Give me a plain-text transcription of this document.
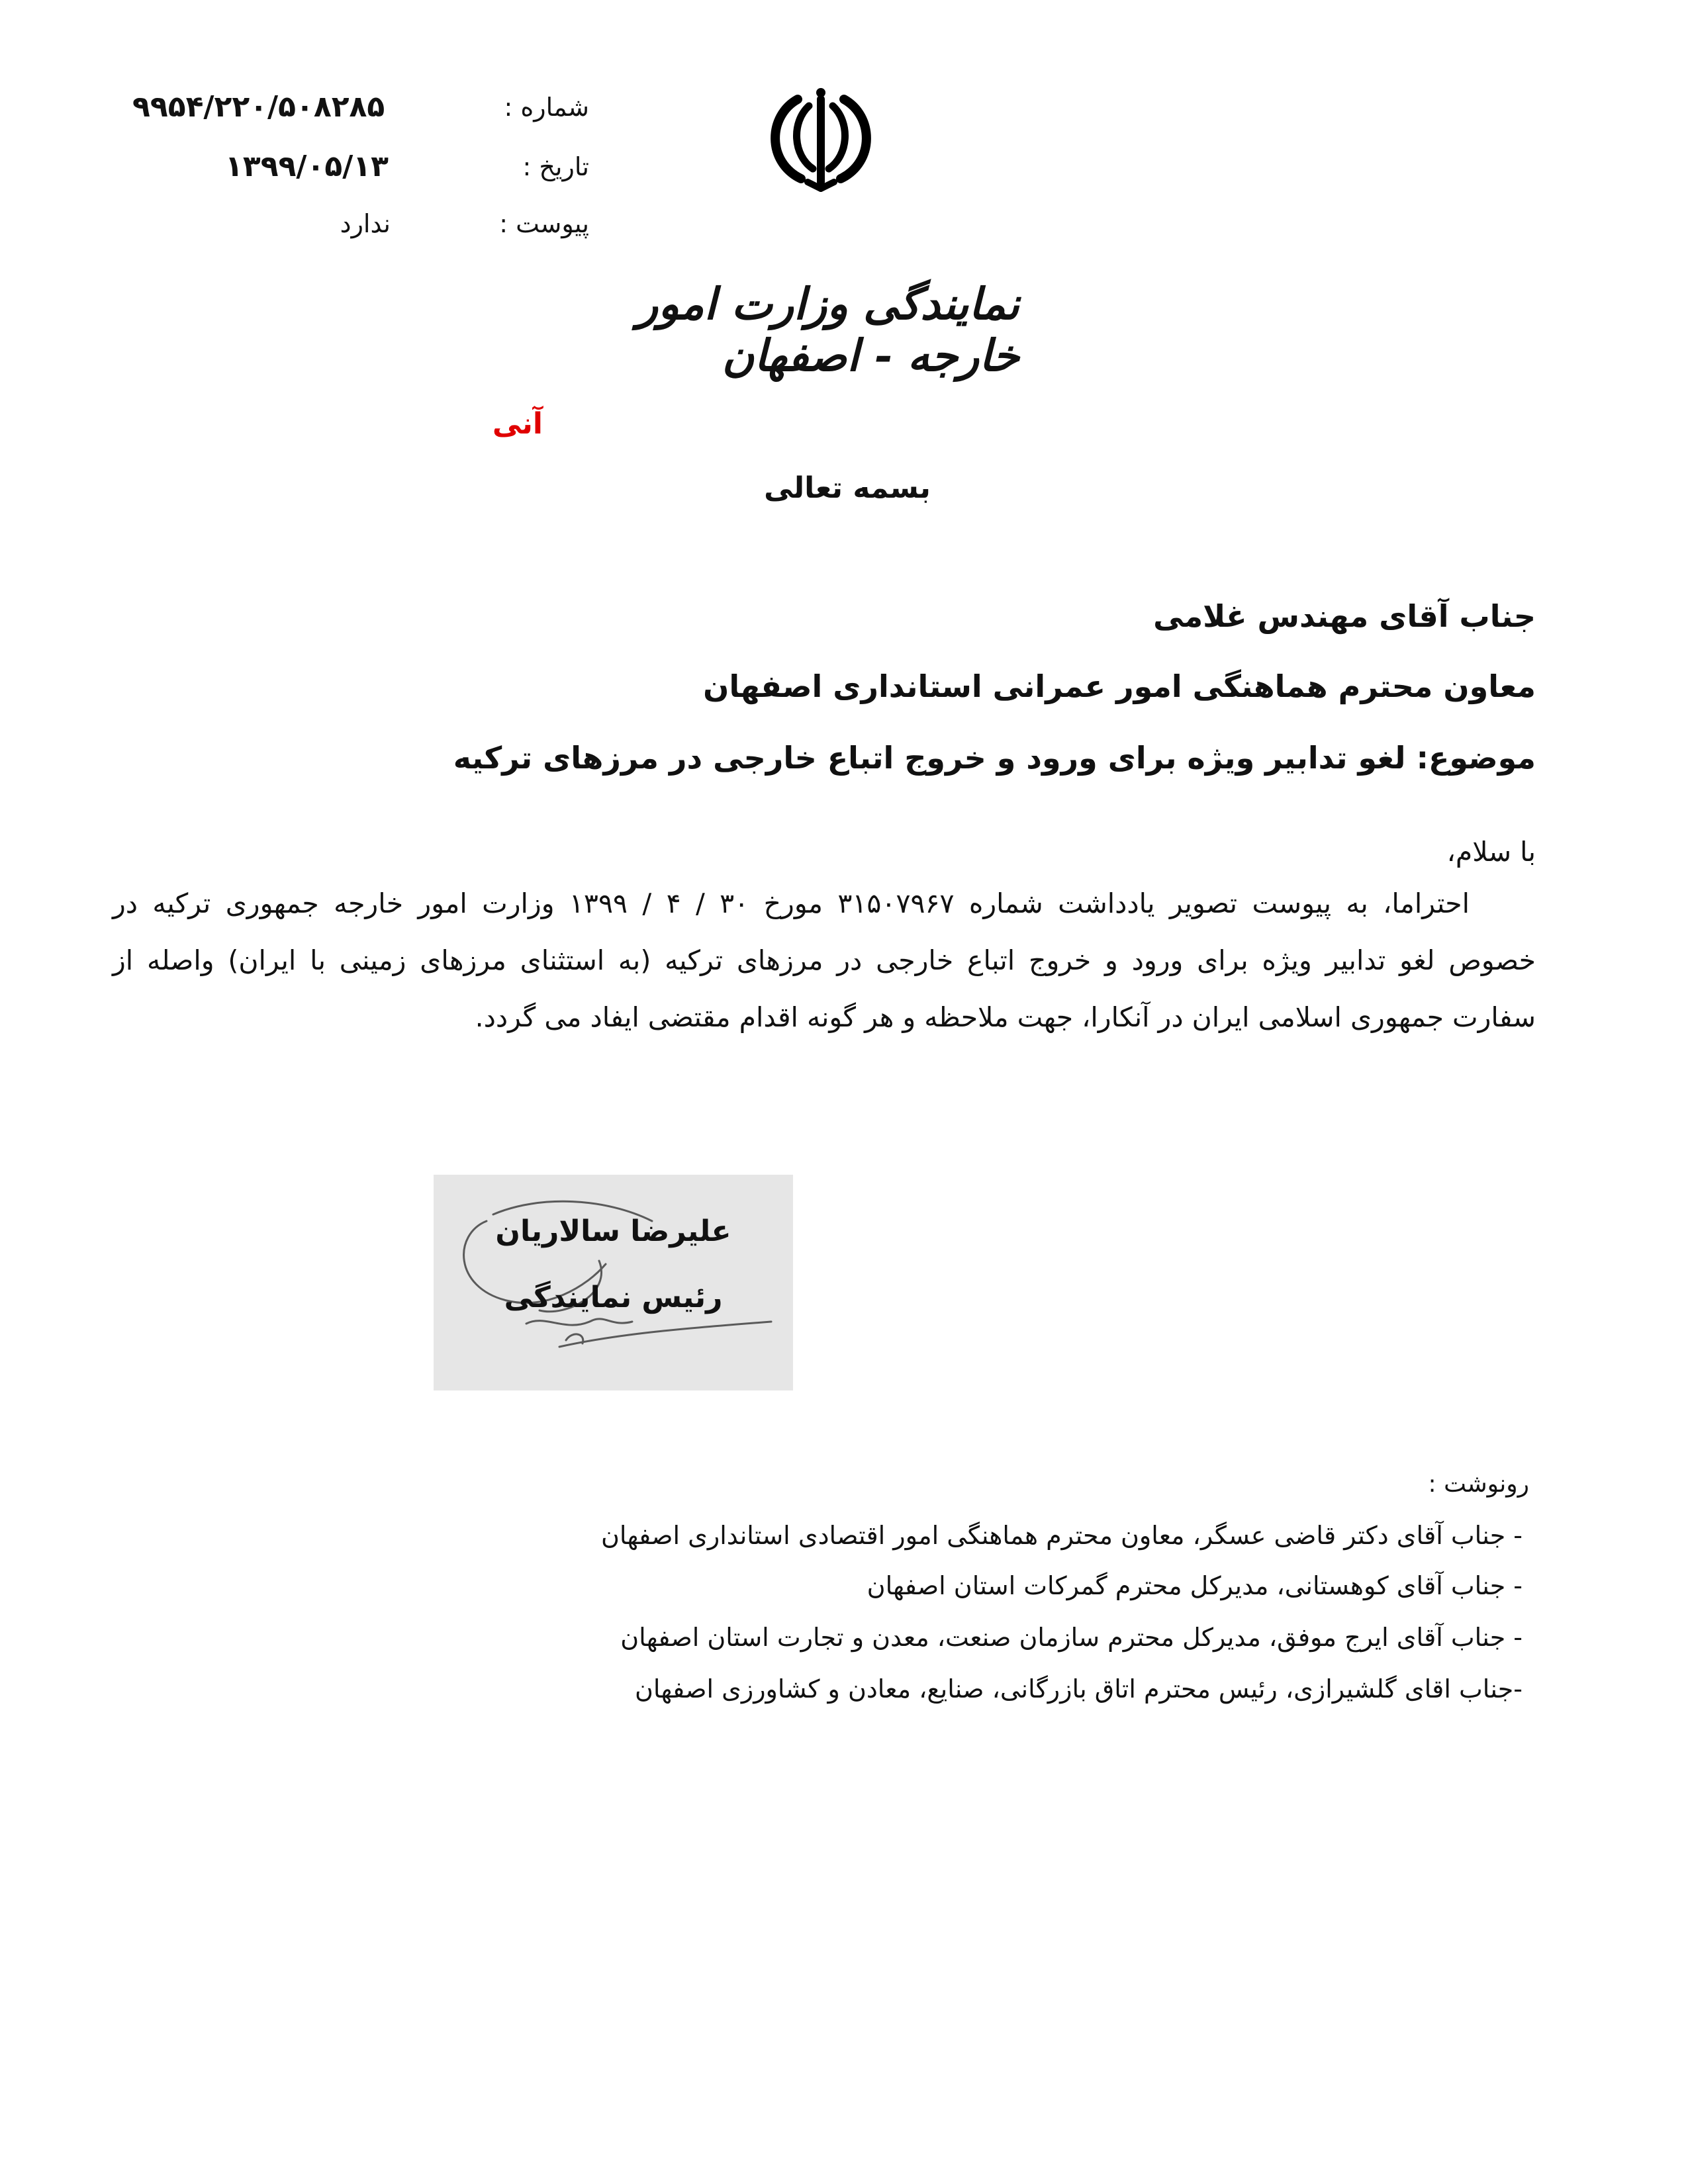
شماره :
۹۹۵۴/۲۲۰/۵۰۸۲۸۵
تاریخ :
۱۳۹۹/۰۵/۱۳
پیوست :
ندارد
نمایندگی وزارت امور خارجه - اصفهان
آنی
بسمه تعالی
جناب آقای مهندس غلامی
معاون محترم هماهنگی امور عمرانی استانداری اصفهان
موضوع: لغو تدابیر ویژه برای ورود و خروج اتباع خارجی در مرزهای ترکیه
با سلام،
احتراما، به پیوست تصویر یادداشت شماره ۳۱۵۰۷۹۶۷ مورخ ۳۰ / ۴ / ۱۳۹۹ وزارت امور خارجه جمهوری ترکیه در
خصوص لغو تدابیر ویژه برای ورود و خروج اتباع خارجی در مرزهای ترکیه (به استثنای مرزهای زمینی با ایران) واصله از
سفارت جمهوری اسلامی ایران در آنکارا، جهت ملاحظه و هر گونه اقدام مقتضی ایفاد می گردد.
علیرضا سالاریان
رئیس نمایندگی
رونوشت :
- جناب آقای دکتر قاضی عسگر، معاون محترم هماهنگی امور اقتصادی استانداری اصفهان
- جناب آقای کوهستانی، مدیرکل محترم گمرکات استان اصفهان
- جناب آقای ایرج موفق، مدیرکل محترم سازمان صنعت، معدن و تجارت استان اصفهان
-جناب اقای گلشیرازی، رئیس محترم اتاق بازرگانی، صنایع، معادن و کشاورزی اصفهان
